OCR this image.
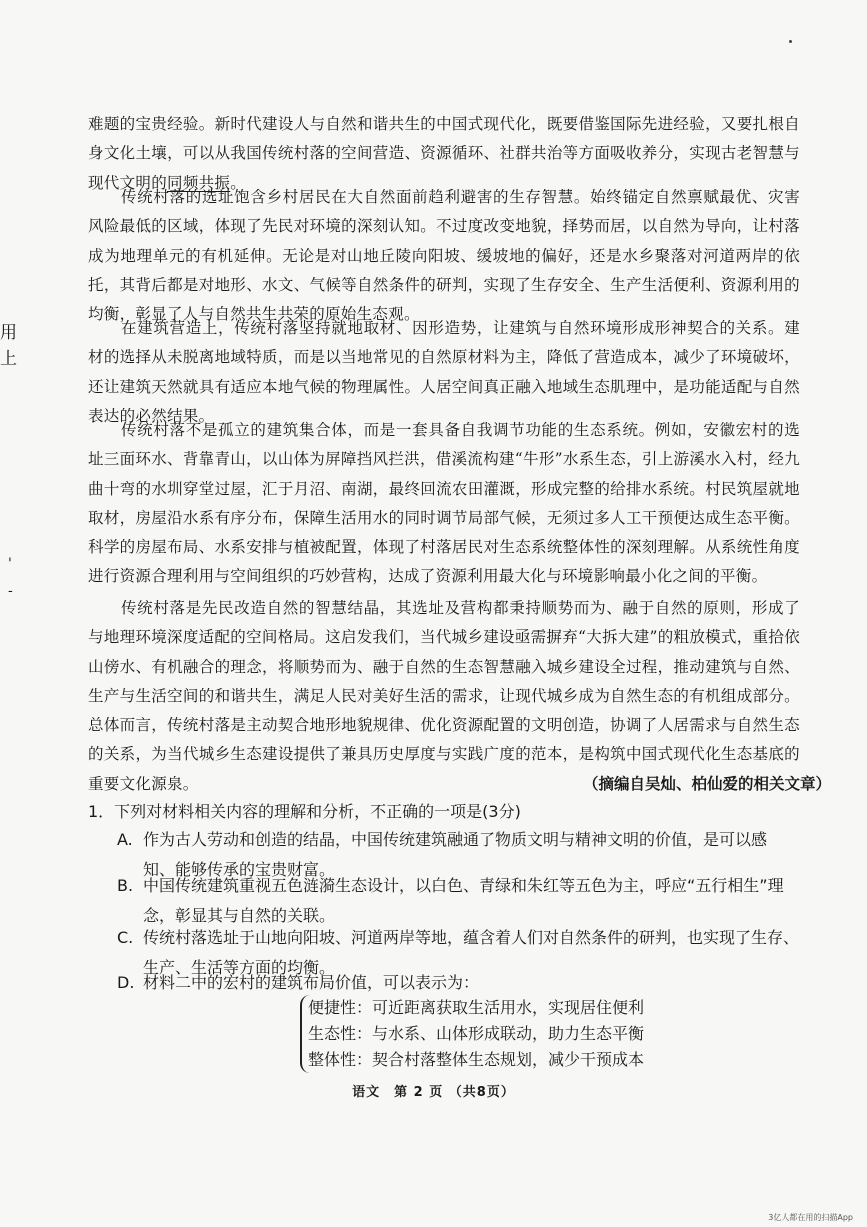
用
上
'
-

难题的宝贵经验。新时代建设人与自然和谐共生的中国式现代化，既要借鉴国际先进经验，又要扎根自身文化土壤，可以从我国传统村落的空间营造、资源循环、社群共治等方面吸收养分，实现古老智慧与现代文明的同频共振。

传统村落的选址饱含乡村居民在大自然面前趋利避害的生存智慧。始终锚定自然禀赋最优、灾害风险最低的区域，体现了先民对环境的深刻认知。不过度改变地貌，择势而居，以自然为导向，让村落成为地理单元的有机延伸。无论是对山地丘陵向阳坡、缓坡地的偏好，还是水乡聚落对河道两岸的依托，其背后都是对地形、水文、气候等自然条件的研判，实现了生存安全、生产生活便利、资源利用的均衡，彰显了人与自然共生共荣的原始生态观。

在建筑营造上，传统村落坚持就地取材、因形造势，让建筑与自然环境形成形神契合的关系。建材的选择从未脱离地域特质，而是以当地常见的自然原材料为主，降低了营造成本，减少了环境破坏，还让建筑天然就具有适应本地气候的物理属性。人居空间真正融入地域生态肌理中，是功能适配与自然表达的必然结果。

传统村落不是孤立的建筑集合体，而是一套具备自我调节功能的生态系统。例如，安徽宏村的选址三面环水、背靠青山，以山体为屏障挡风拦洪，借溪流构建“牛形”水系生态，引上游溪水入村，经九曲十弯的水圳穿堂过屋，汇于月沼、南湖，最终回流农田灌溉，形成完整的给排水系统。村民筑屋就地取材，房屋沿水系有序分布，保障生活用水的同时调节局部气候，无须过多人工干预便达成生态平衡。科学的房屋布局、水系安排与植被配置，体现了村落居民对生态系统整体性的深刻理解。从系统性角度进行资源合理利用与空间组织的巧妙营构，达成了资源利用最大化与环境影响最小化之间的平衡。

传统村落是先民改造自然的智慧结晶，其选址及营构都秉持顺势而为、融于自然的原则，形成了与地理环境深度适配的空间格局。这启发我们，当代城乡建设亟需摒弃“大拆大建”的粗放模式，重拾依山傍水、有机融合的理念，将顺势而为、融于自然的生态智慧融入城乡建设全过程，推动建筑与自然、生产与生活空间的和谐共生，满足人民对美好生活的需求，让现代城乡成为自然生态的有机组成部分。总体而言，传统村落是主动契合地形地貌规律、优化资源配置的文明创造，协调了人居需求与自然生态的关系，为当代城乡生态建设提供了兼具历史厚度与实践广度的范本，是构筑中国式现代化生态基底的重要文化源泉。	（摘编自吴灿、柏仙爱的相关文章）
1．下列对材料相关内容的理解和分析，不正确的一项是(3分)
A. 作为古人劳动和创造的结晶，中国传统建筑融通了物质文明与精神文明的价值，是可以感
知、能够传承的宝贵财富。
B. 中国传统建筑重视五色涟漪生态设计，以白色、青绿和朱红等五色为主，呼应“五行相生”理
念，彰显其与自然的关联。
C. 传统村落选址于山地向阳坡、河道两岸等地，蕴含着人们对自然条件的研判，也实现了生存、
生产、生活等方面的均衡。
D. 材料二中的宏村的建筑布局价值，可以表示为：
便捷性：可近距离获取生活用水，实现居住便利
生态性：与水系、山体形成联动，助力生态平衡
整体性：契合村落整体生态规划，减少干预成本
语文　第 2 页 （共8页）
3亿人都在用的扫描App
